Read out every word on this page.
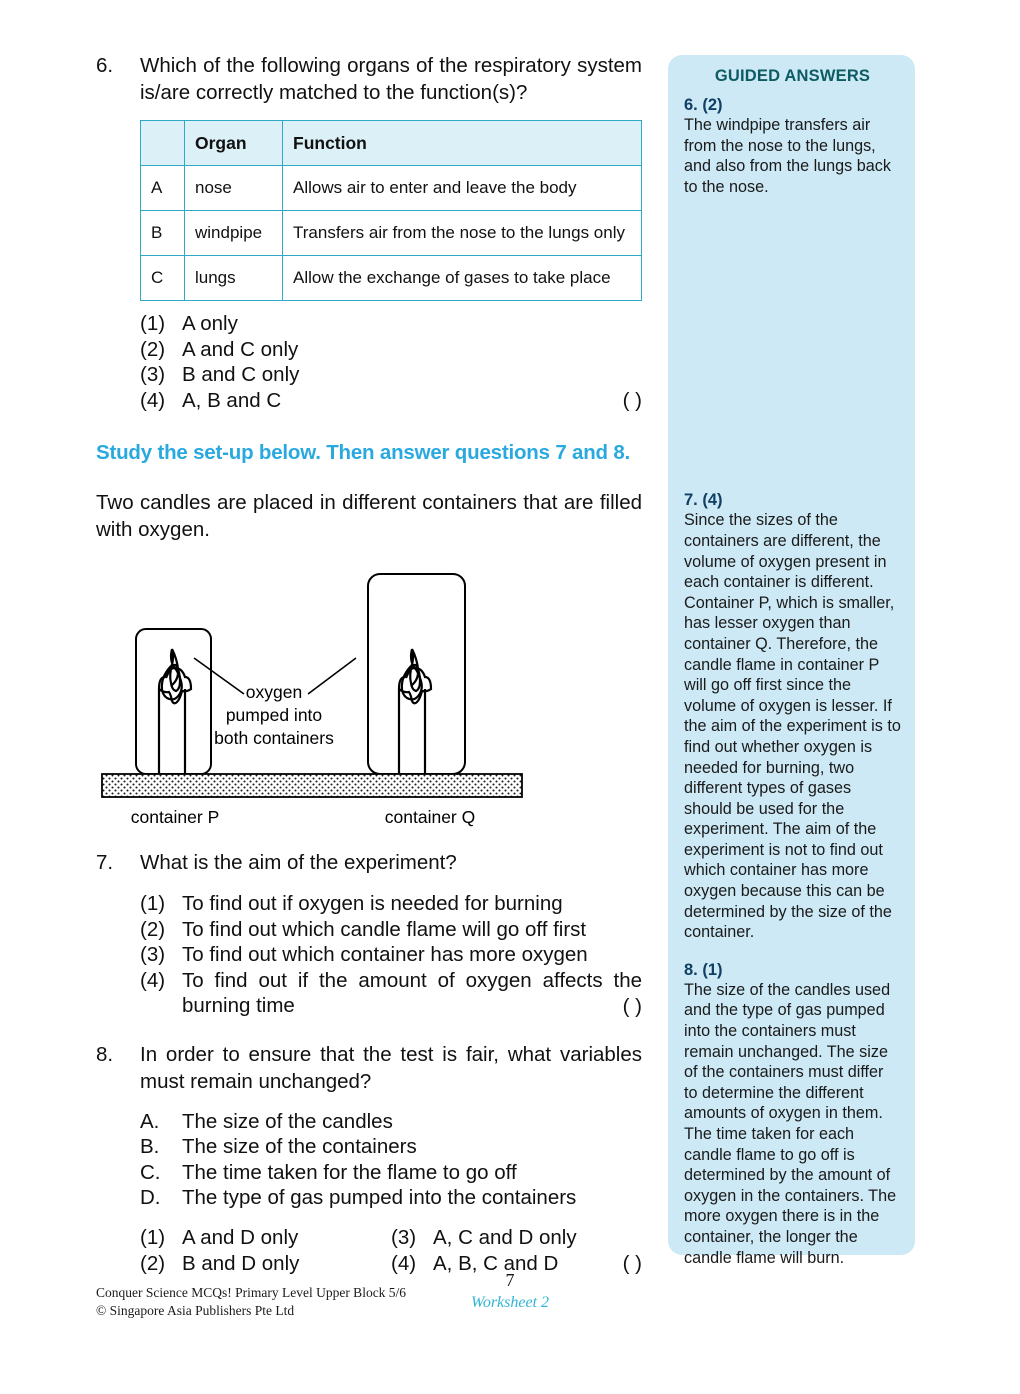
6.	Which of the following organs of the respiratory system is/are correctly matched to the function(s)?
	Organ	Function
A	nose	Allows air to enter and leave the body
B	windpipe	Transfers air from the nose to the lungs only
C	lungs	Allow the exchange of gases to take place
(1) A only
(2) A and C only
(3) B and C only
(4) A, B and C	( )
Study the set-up below. Then answer questions 7 and 8.
Two candles are placed in different containers that are filled with oxygen.
oxygen
pumped into
both containers
container P	container Q
7.	What is the aim of the experiment?
(1) To find out if oxygen is needed for burning
(2) To find out which candle flame will go off first
(3) To find out which container has more oxygen
(4) To find out if the amount of oxygen affects the burning time	( )
8.	In order to ensure that the test is fair, what variables must remain unchanged?
A.	The size of the candles
B.	The size of the containers
C.	The time taken for the flame to go off
D.	The type of gas pumped into the containers
(1) A and D only
(2) B and D only
(3) A, C and D only
(4) A, B, C and D	( )
GUIDED ANSWERS
6. (2)
The windpipe transfers air from the nose to the lungs, and also from the lungs back to the nose.
7. (4)
Since the sizes of the containers are different, the volume of oxygen present in each container is different. Container P, which is smaller, has lesser oxygen than container Q. Therefore, the candle flame in container P will go off first since the volume of oxygen is lesser. If the aim of the experiment is to find out whether oxygen is needed for burning, two different types of gases should be used for the experiment. The aim of the experiment is not to find out which container has more oxygen because this can be determined by the size of the container.
8. (1)
The size of the candles used and the type of gas pumped into the containers must remain unchanged. The size of the containers must differ to determine the different amounts of oxygen in them. The time taken for each candle flame to go off is determined by the amount of oxygen in the containers. The more oxygen there is in the container, the longer the candle flame will burn.
Conquer Science MCQs! Primary Level Upper Block 5/6
© Singapore Asia Publishers Pte Ltd
7
Worksheet 2
